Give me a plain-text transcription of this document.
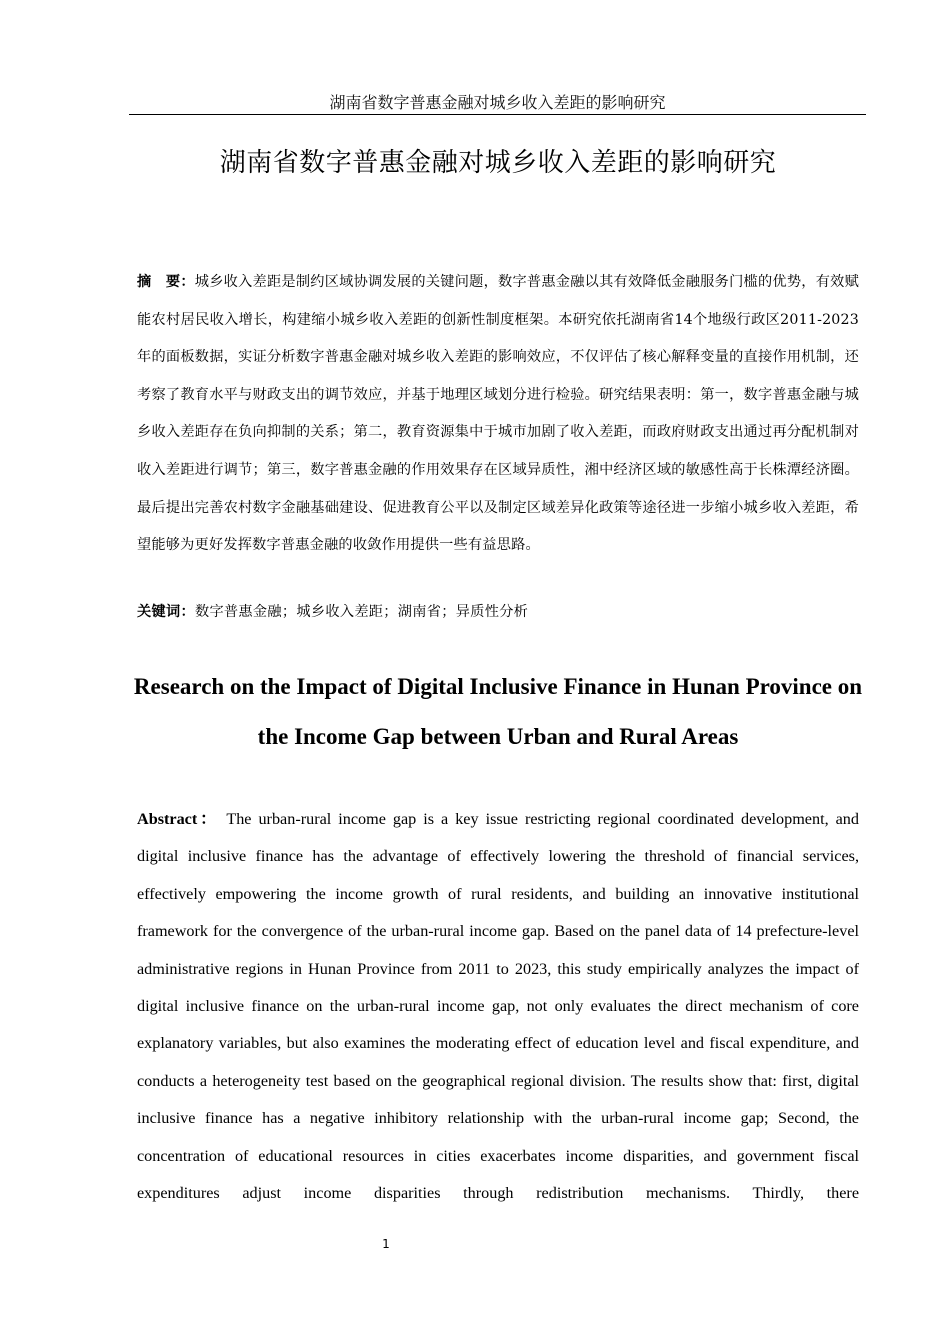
湖南省数字普惠金融对城乡收入差距的影响研究
湖南省数字普惠金融对城乡收入差距的影响研究
摘　要：城乡收入差距是制约区域协调发展的关键问题，数字普惠金融以其有效降低金融服务门槛的优势，有效赋能农村居民收入增长，构建缩小城乡收入差距的创新性制度框架。本研究依托湖南省14个地级行政区2011-2023年的面板数据，实证分析数字普惠金融对城乡收入差距的影响效应，不仅评估了核心解释变量的直接作用机制，还考察了教育水平与财政支出的调节效应，并基于地理区域划分进行检验。研究结果表明：第一，数字普惠金融与城乡收入差距存在负向抑制的关系；第二，教育资源集中于城市加剧了收入差距，而政府财政支出通过再分配机制对收入差距进行调节；第三，数字普惠金融的作用效果存在区域异质性，湘中经济区域的敏感性高于长株潭经济圈。最后提出完善农村数字金融基础建设、促进教育公平以及制定区域差异化政策等途径进一步缩小城乡收入差距，希望能够为更好发挥数字普惠金融的收敛作用提供一些有益思路。
关键词：数字普惠金融；城乡收入差距；湖南省；异质性分析
Research on the Impact of Digital Inclusive Finance in Hunan Province on the Income Gap between Urban and Rural Areas
Abstract： The urban-rural income gap is a key issue restricting regional coordinated development, and digital inclusive finance has the advantage of effectively lowering the threshold of financial services, effectively empowering the income growth of rural residents, and building an innovative institutional framework for the convergence of the urban-rural income gap. Based on the panel data of 14 prefecture-level administrative regions in Hunan Province from 2011 to 2023, this study empirically analyzes the impact of digital inclusive finance on the urban-rural income gap, not only evaluates the direct mechanism of core explanatory variables, but also examines the moderating effect of education level and fiscal expenditure, and conducts a heterogeneity test based on the geographical regional division. The results show that: first, digital inclusive finance has a negative inhibitory relationship with the urban-rural income gap; Second, the concentration of educational resources in cities exacerbates income disparities, and government fiscal expenditures adjust income disparities through redistribution mechanisms. Thirdly, there
1
